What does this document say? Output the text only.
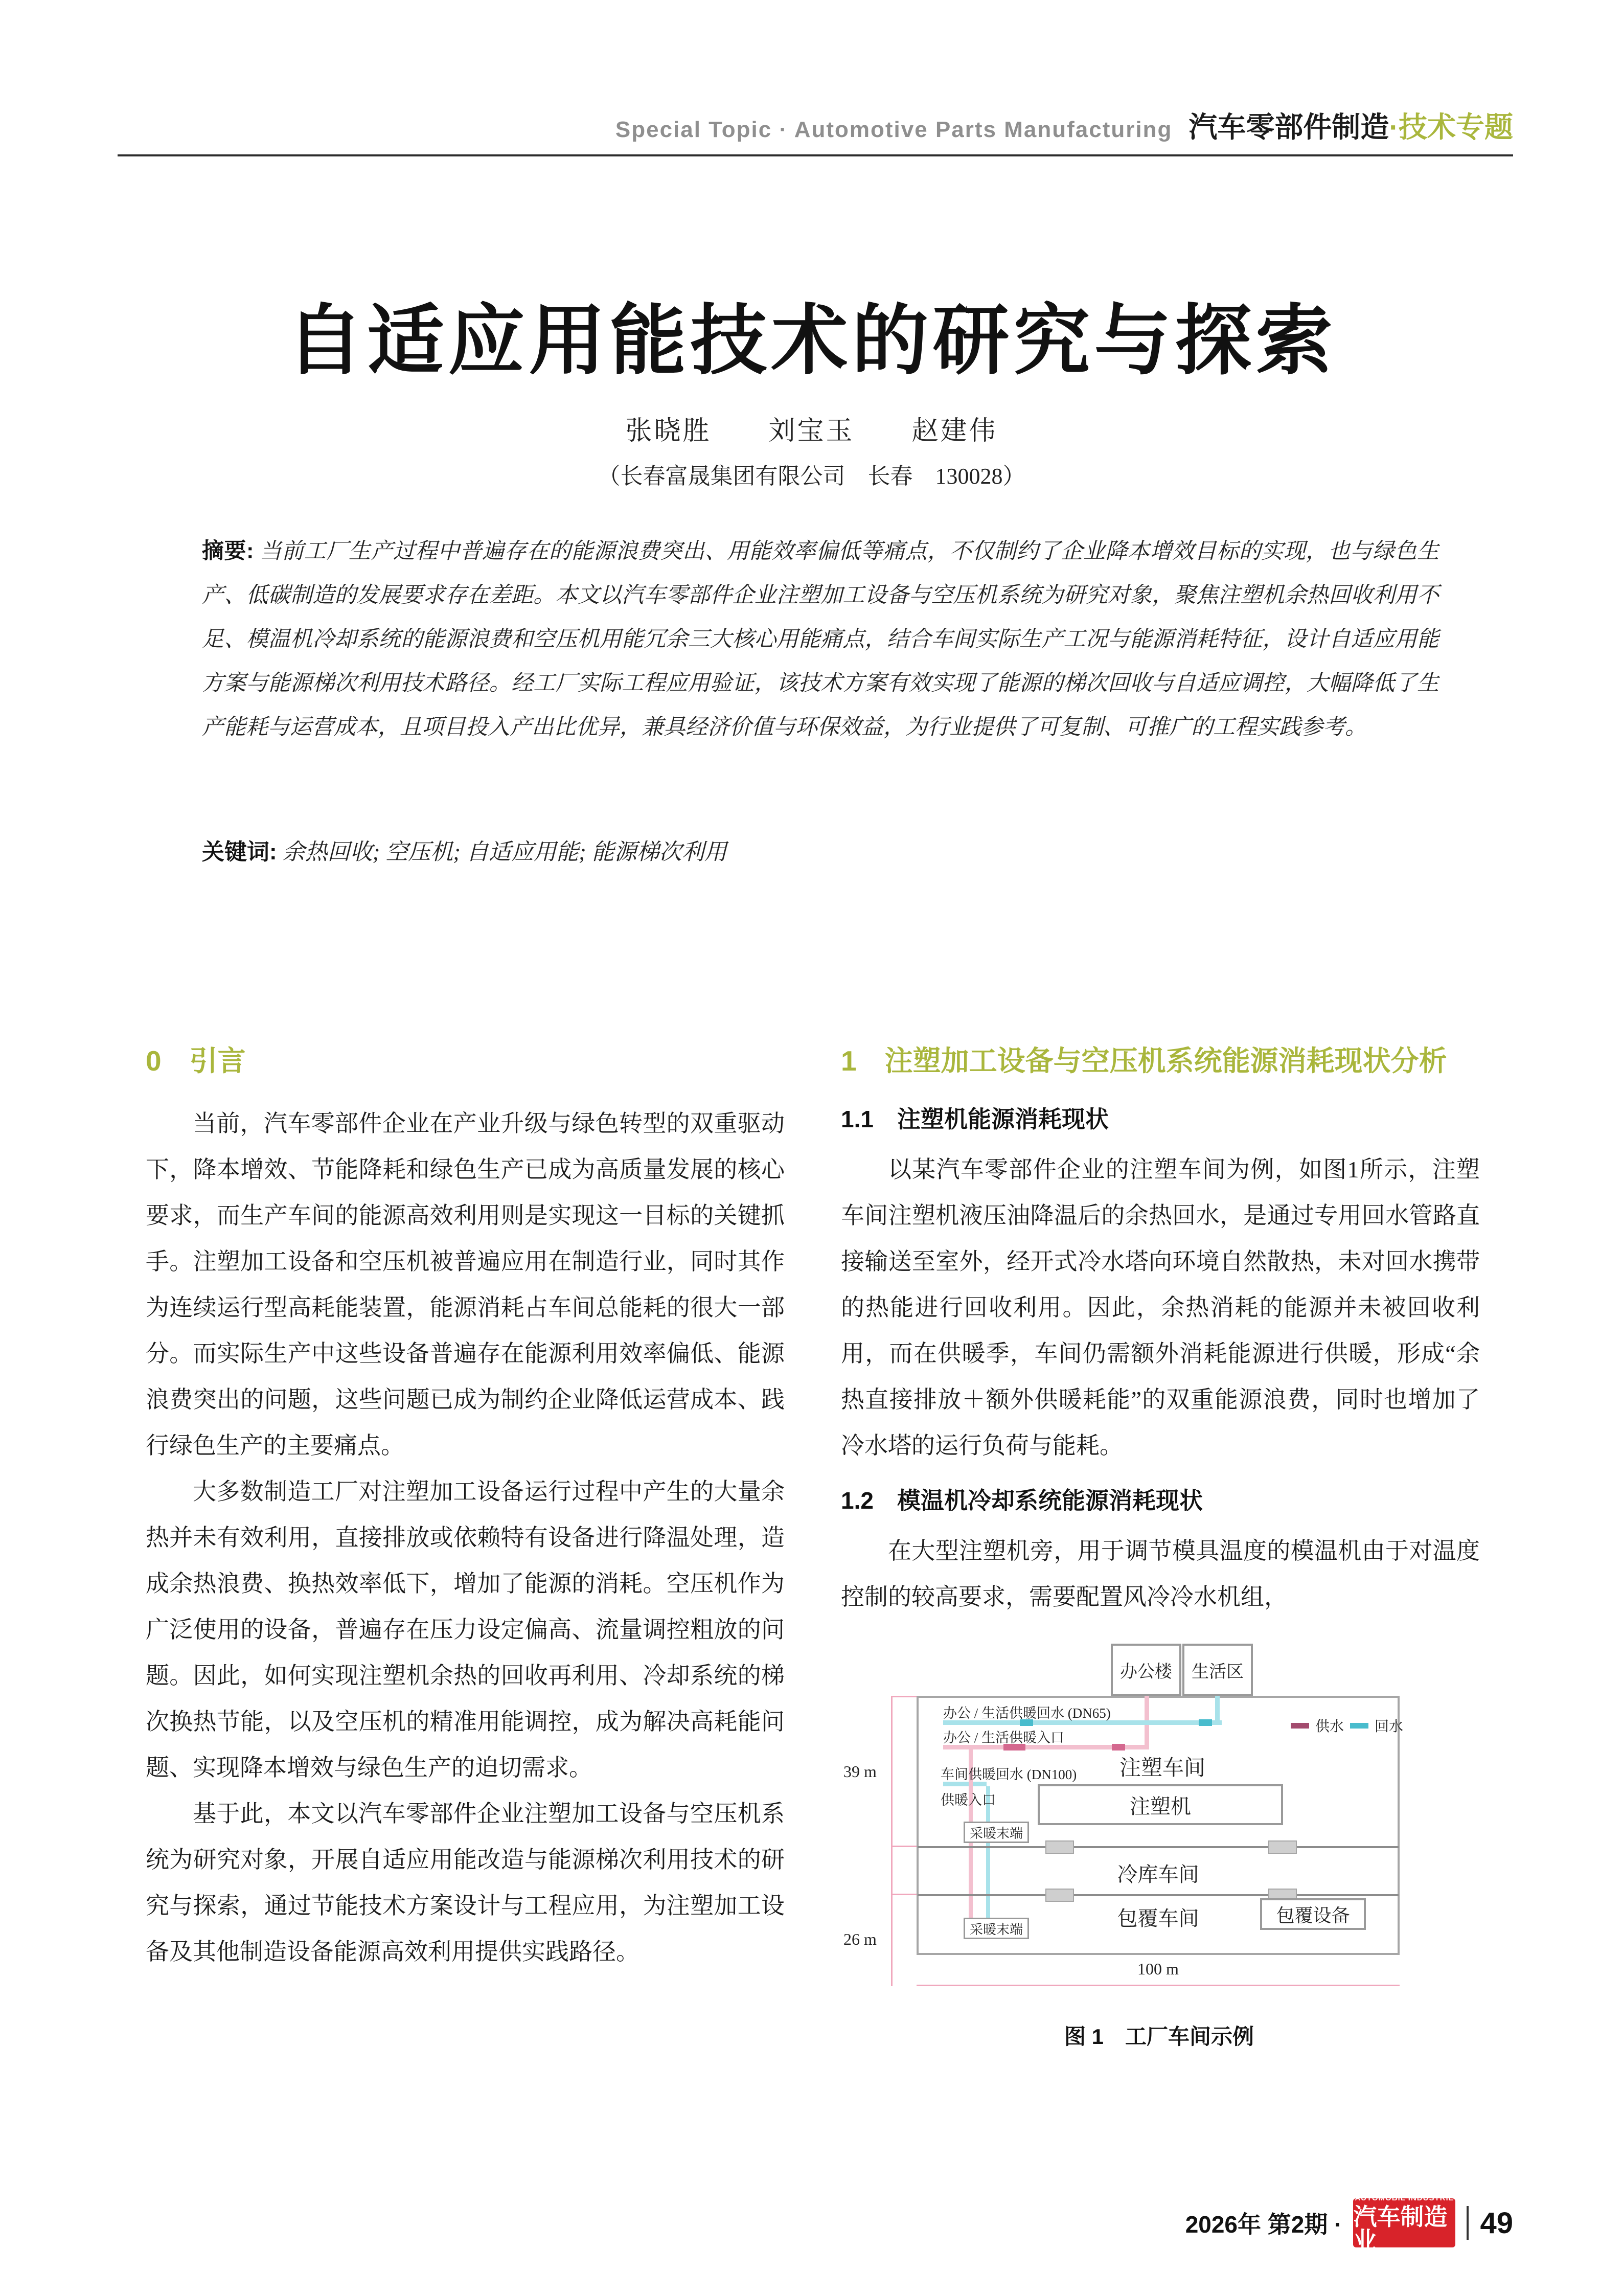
Special Topic · Automotive Parts Manufacturing 汽车零部件制造·技术专题
自适应用能技术的研究与探索
张晓胜　　刘宝玉　　赵建伟
（长春富晟集团有限公司　长春　130028）
摘要: 当前工厂生产过程中普遍存在的能源浪费突出、用能效率偏低等痛点，不仅制约了企业降本增效目标的实现，也与绿色生产、低碳制造的发展要求存在差距。本文以汽车零部件企业注塑加工设备与空压机系统为研究对象，聚焦注塑机余热回收利用不足、模温机冷却系统的能源浪费和空压机用能冗余三大核心用能痛点，结合车间实际生产工况与能源消耗特征，设计自适应用能方案与能源梯次利用技术路径。经工厂实际工程应用验证，该技术方案有效实现了能源的梯次回收与自适应调控，大幅降低了生产能耗与运营成本，且项目投入产出比优异，兼具经济价值与环保效益，为行业提供了可复制、可推广的工程实践参考。
关键词: 余热回收; 空压机; 自适应用能; 能源梯次利用
0　引言

当前，汽车零部件企业在产业升级与绿色转型的双重驱动下，降本增效、节能降耗和绿色生产已成为高质量发展的核心要求，而生产车间的能源高效利用则是实现这一目标的关键抓手。注塑加工设备和空压机被普遍应用在制造行业，同时其作为连续运行型高耗能装置，能源消耗占车间总能耗的很大一部分。而实际生产中这些设备普遍存在能源利用效率偏低、能源浪费突出的问题，这些问题已成为制约企业降低运营成本、践行绿色生产的主要痛点。

大多数制造工厂对注塑加工设备运行过程中产生的大量余热并未有效利用，直接排放或依赖特有设备进行降温处理，造成余热浪费、换热效率低下，增加了能源的消耗。空压机作为广泛使用的设备，普遍存在压力设定偏高、流量调控粗放的问题。因此，如何实现注塑机余热的回收再利用、冷却系统的梯次换热节能，以及空压机的精准用能调控，成为解决高耗能问题、实现降本增效与绿色生产的迫切需求。

基于此，本文以汽车零部件企业注塑加工设备与空压机系统为研究对象，开展自适应用能改造与能源梯次利用技术的研究与探索，通过节能技术方案设计与工程应用，为注塑加工设备及其他制造设备能源高效利用提供实践路径。

1　注塑加工设备与空压机系统能源消耗现状分析
1.1　注塑机能源消耗现状

以某汽车零部件企业的注塑车间为例，如图1所示，注塑车间注塑机液压油降温后的余热回水，是通过专用回水管路直接输送至室外，经开式冷水塔向环境自然散热，未对回水携带的热能进行回收利用。因此，余热消耗的能源并未被回收利用，而在供暖季，车间仍需额外消耗能源进行供暖，形成“余热直接排放＋额外供暖耗能”的双重能源浪费，同时也增加了冷水塔的运行负荷与能耗。

1.2　模温机冷却系统能源消耗现状

在大型注塑机旁，用于调节模具温度的模温机由于对温度控制的较高要求，需要配置风冷冷水机组，

办公楼 生活区
办公 / 生活供暖回水 (DN65)
办公 / 生活供暖入口
供水 回水
39 m
26 m
注塑车间
车间供暖回水 (DN100)
供暖入口	注塑机
采暖末端
采暖末端
冷库车间
包覆车间	包覆设备
100 m
图 1　工厂车间示例
2026年 第2期 ·
AUTOMOBIL INDUSTRIE
汽车制造业
49
